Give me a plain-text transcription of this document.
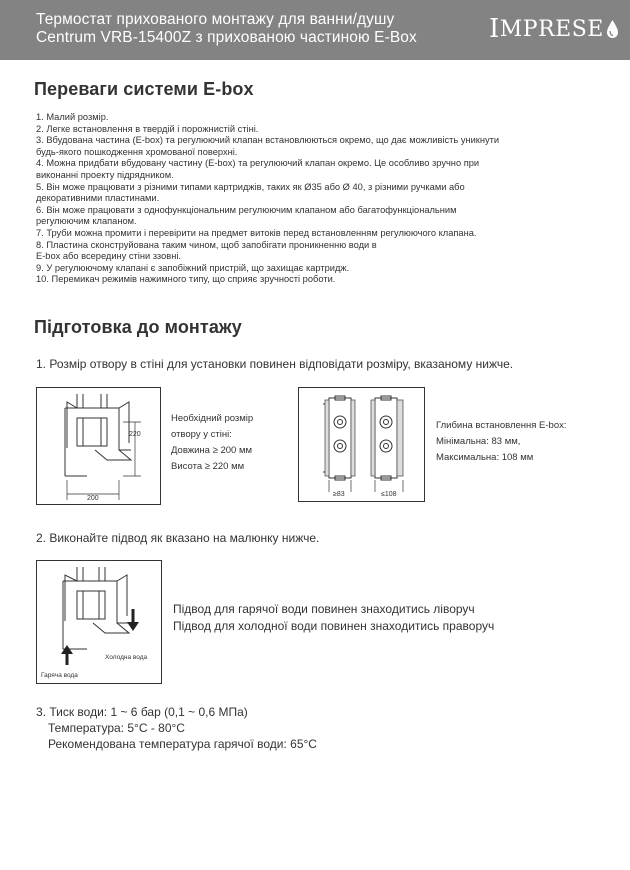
Термостат прихованого монтажу для ванни/душу
Centrum VRB-15400Z з прихованою частиною E-Box	I MPRESE
Переваги системи E-box
1. Малий розмір.
2. Легке встановлення в твердій і порожнистій стіні.
3. Вбудована частина (E-box) та регулюючий клапан встановлюються окремо, що дає можливість уникнути
будь-якого пошкодження хромованої поверхні.
4. Можна придбати вбудовану частину (E-box) та регулюючий клапан окремо. Це особливо зручно при
виконанні проекту підрядником.
5. Він може працювати з різними типами картриджів, таких як Ø35 або Ø 40, з різними ручками або
декоративними пластинами.
6. Він може працювати з однофункціональним регулюючим клапаном або багатофункціональним
регулюючим клапаном.
7. Труби можна промити і перевірити на предмет витоків перед встановленням регулюючого клапана.
8. Пластина сконструйована таким чином, щоб запобігати проникненню води в
E-box або всередину стіни ззовні.
9. У регулюючому клапані є запобіжний пристрій, що захищає картридж.
10. Перемикач режимів нажимного типу, що сприяє зручності роботи.
Підготовка до монтажу
1. Розмір отвору в стіні для установки повинен відповідати розміру, вказаному нижче.
220
200
Необхідний розмір
отвору у стіні:
Довжина ≥ 200 мм
Висота ≥ 220 мм
≥83	≤108
Глибина встановлення E-box:
Мінімальна: 83 мм,
Максимальна: 108 мм
2. Виконайте підвод як вказано на малюнку нижче.
Гаряча вода
Холодна вода
Підвод для гарячої води повинен знаходитись ліворуч
Підвод для холодної води повинен знаходитись праворуч
3. Тиск води: 1 ~ 6 бар (0,1 ~ 0,6 МПа)
Температура: 5°C - 80°C
Рекомендована температура гарячої води: 65°C
